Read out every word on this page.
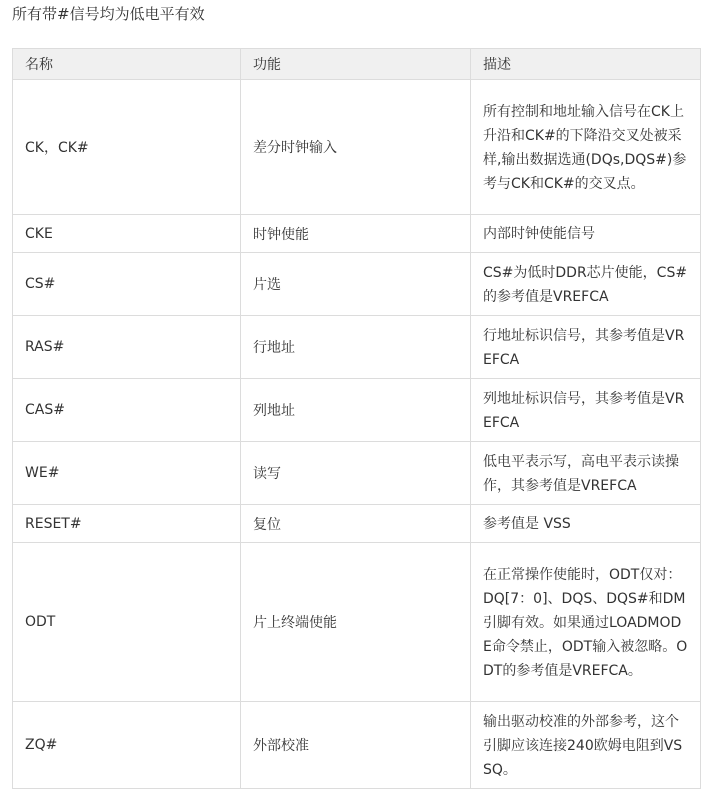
所有带#信号均为低电平有效
名称	功能	描述
CK，CK#	差分时钟输入	所有控制和地址输入信号在CK上升沿和CK#的下降沿交叉处被采样,输出数据选通(DQs,DQS#)参考与CK和CK#的交叉点。
CKE	时钟使能	内部时钟使能信号
CS#	片选	CS#为低时DDR芯片使能，CS#的参考值是VREFCA
RAS#	行地址	行地址标识信号，其参考值是VREFCA
CAS#	列地址	列地址标识信号，其参考值是VREFCA
WE#	读写	低电平表示写，高电平表示读操作，其参考值是VREFCA
RESET#	复位	参考值是 VSS
ODT	片上终端使能	在正常操作使能时，ODT仅对：DQ[7：0]、DQS、DQS#和DM引脚有效。如果通过LOADMODE命令禁止，ODT输入被忽略。ODT的参考值是VREFCA。
ZQ#	外部校准	输出驱动校准的外部参考，这个引脚应该连接240欧姆电阻到VSSQ。
